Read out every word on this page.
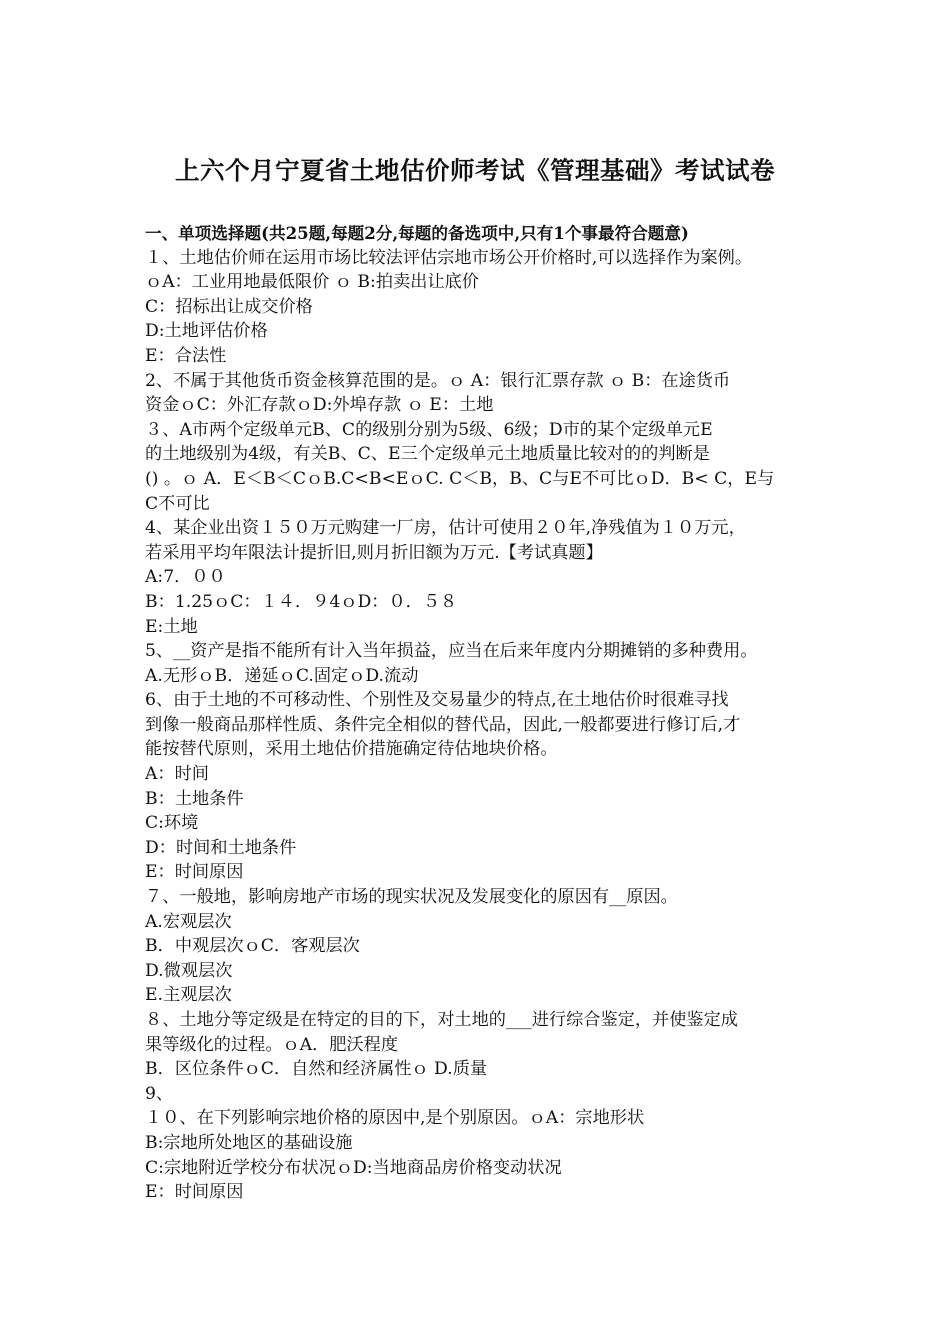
上六个月宁夏省土地估价师考试《管理基础》考试试卷
一、单项选择题(共25题,每题2分,每题的备选项中,只有1个事最符合题意)
１、土地估价师在运用市场比较法评估宗地市场公开价格时,可以选择作为案例。
ｏA：工业用地最低限价 ｏ B:拍卖出让底价
C：招标出让成交价格
D:土地评估价格
E：合法性
2、不属于其他货币资金核算范围的是。ｏ A：银行汇票存款 ｏ B：在途货币
资金ｏC：外汇存款ｏD:外埠存款 ｏ E：土地
３、A市两个定级单元B、C的级别分别为5级、6级；D市的某个定级单元E
的土地级别为4级，有关B、C、E三个定级单元土地质量比较对的的判断是
() 。ｏ A．E＜B＜CｏB.C<B<EｏC. C＜B，B、C与E不可比ｏD．B< C，E与
C不可比
4、某企业出资１５０万元购建一厂房，估计可使用２０年,净残值为１０万元，
若采用平均年限法计提折旧,则月折旧额为万元.【考试真题】
A:7．００
B：1.25ｏC：１４．９4ｏD：０．５８
E:土地
5、__资产是指不能所有计入当年损益，应当在后来年度内分期摊销的多种费用。
A.无形ｏB．递延ｏC.固定ｏD.流动
6、由于土地的不可移动性、个别性及交易量少的特点,在土地估价时很难寻找
到像一般商品那样性质、条件完全相似的替代品，因此,一般都要进行修订后,才
能按替代原则，采用土地估价措施确定待估地块价格。
A：时间
B：土地条件
C:环境
D：时间和土地条件
E：时间原因
７、一般地，影响房地产市场的现实状况及发展变化的原因有__原因。
A.宏观层次
B．中观层次ｏC．客观层次
D.微观层次
E.主观层次
８、土地分等定级是在特定的目的下，对土地的___进行综合鉴定，并使鉴定成
果等级化的过程。ｏA．肥沃程度
B．区位条件ｏC．自然和经济属性ｏ D.质量
9、
１０、在下列影响宗地价格的原因中,是个别原因。ｏA：宗地形状
B:宗地所处地区的基础设施
C:宗地附近学校分布状况ｏD:当地商品房价格变动状况
E：时间原因
